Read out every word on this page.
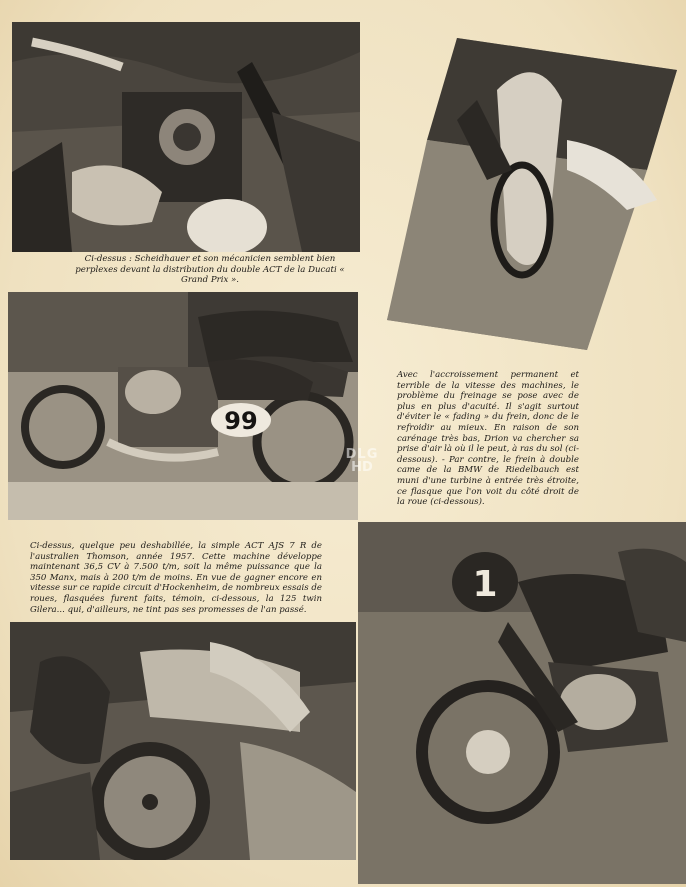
Ci-dessus : Scheidhauer et son mécanicien semblent bien perplexes devant la distribution du double ACT de la Ducati « Grand Prix ».
99
Avec l'accroissement permanent et terrible de la vitesse des machines, le problème du freinage se pose avec de plus en plus d'acuité. Il s'agit surtout d'éviter le « fading » du frein, donc de le refroidir au mieux. En raison de son carénage très bas, Drion va chercher sa prise d'air là où il le peut, à ras du sol (ci-dessous). - Par contre, le frein à double came de la BMW de Riedelbauch est muni d'une turbine à entrée très étroite, ce flasque que l'on voit du côté droit de la roue (ci-dessous).
DLG
HD
Ci-dessus, quelque peu deshabillée, la simple ACT AJS 7 R de l'australien Thomson, année 1957. Cette machine développe maintenant 36,5 CV à 7.500 t/m, soit la même puissance que la 350 Manx, mais à 200 t/m de moins. En vue de gagner encore en vitesse sur ce rapide circuit d'Hockenheim, de nombreux essais de roues, flasquées furent faits, témoin, ci-dessous, la 125 twin Gilera... qui, d'ailleurs, ne tint pas ses promesses de l'an passé.
1
